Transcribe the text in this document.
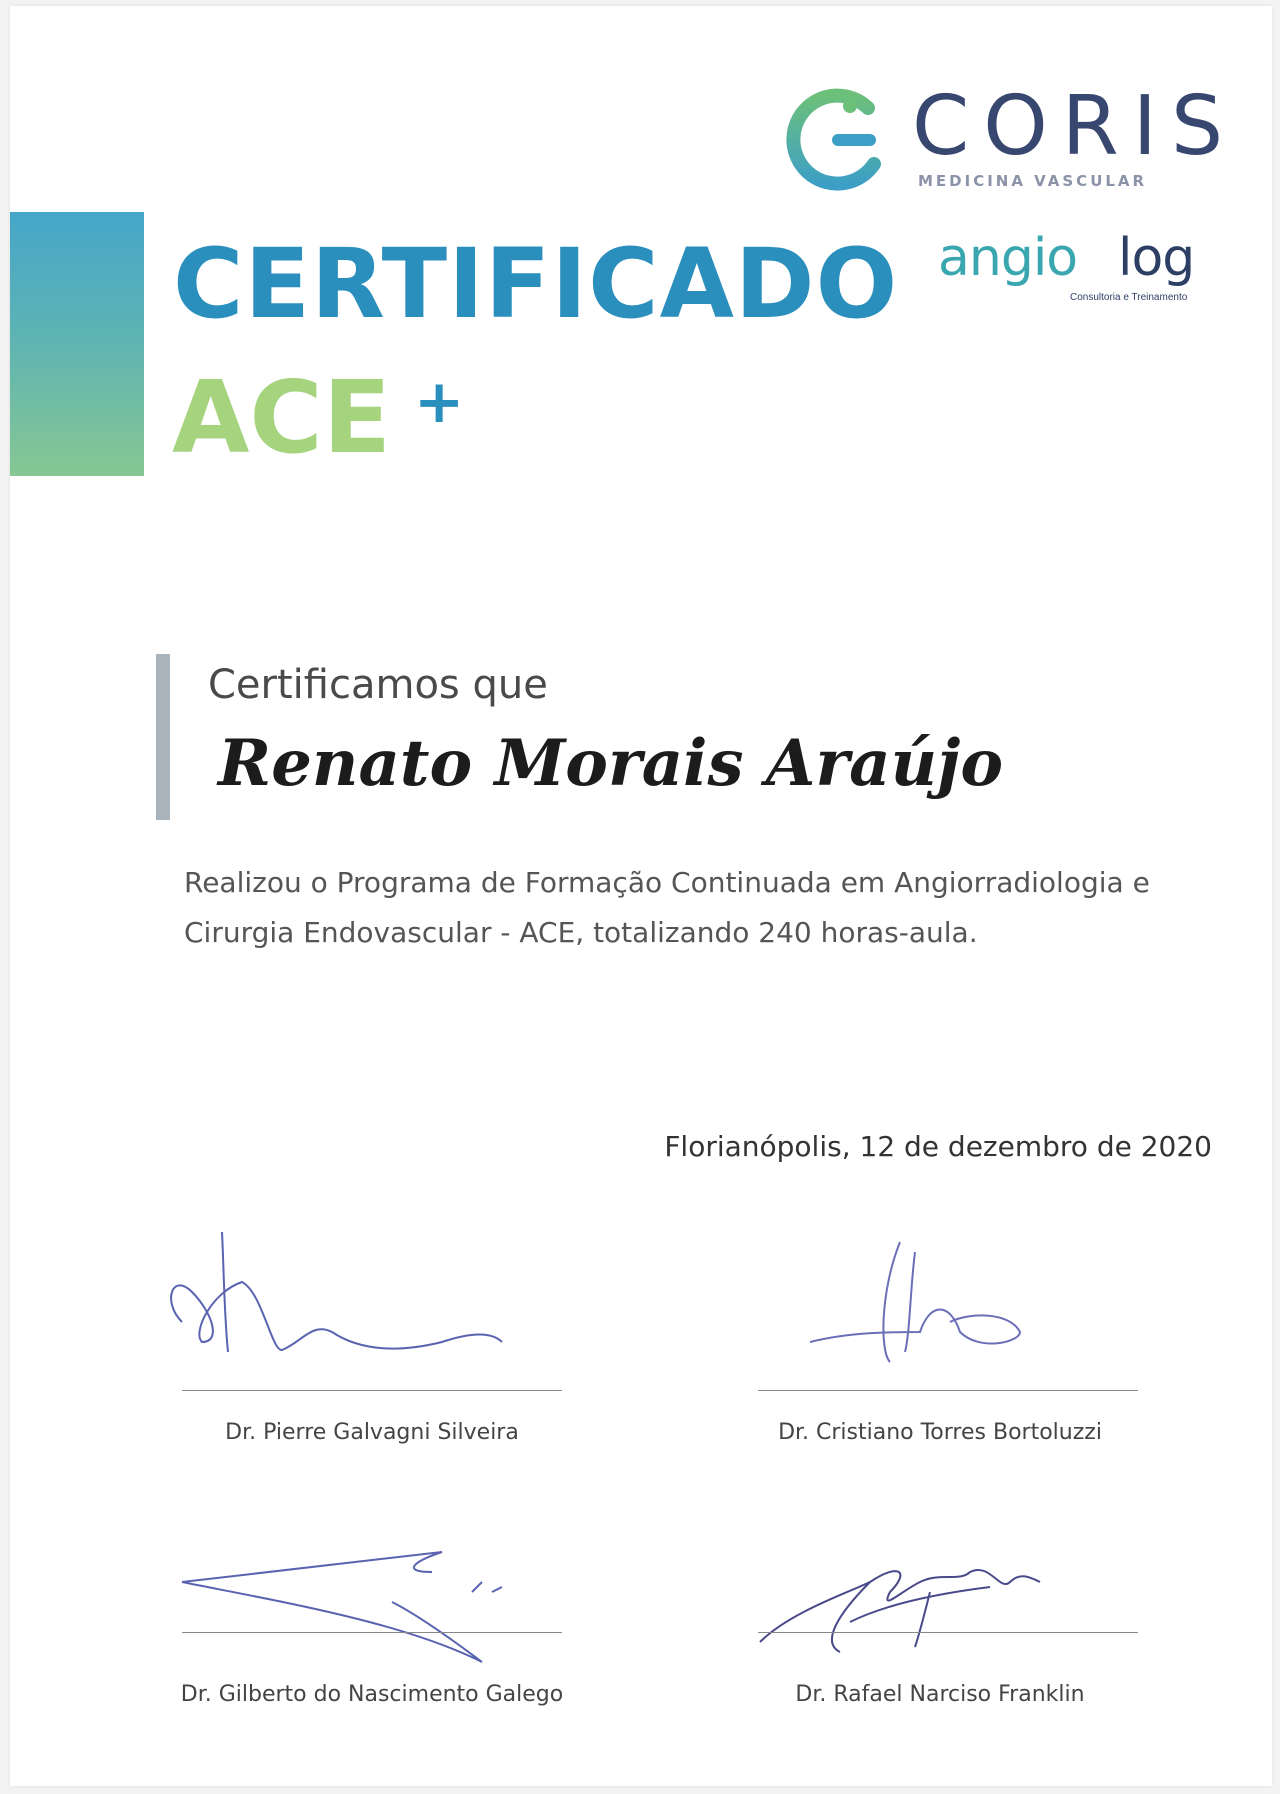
CORIS
MEDICINA VASCULAR
angio log
Consultoria e Treinamento
CERTIFICADO
ACE +
Certificamos que
Renato Morais Araújo
Realizou o Programa de Formação Continuada em Angiorradiologia e Cirurgia Endovascular - ACE, totalizando 240 horas-aula.
Florianópolis, 12 de dezembro de 2020
Dr. Pierre Galvagni Silveira	Dr. Cristiano Torres Bortoluzzi
Dr. Gilberto do Nascimento Galego	Dr. Rafael Narciso Franklin
